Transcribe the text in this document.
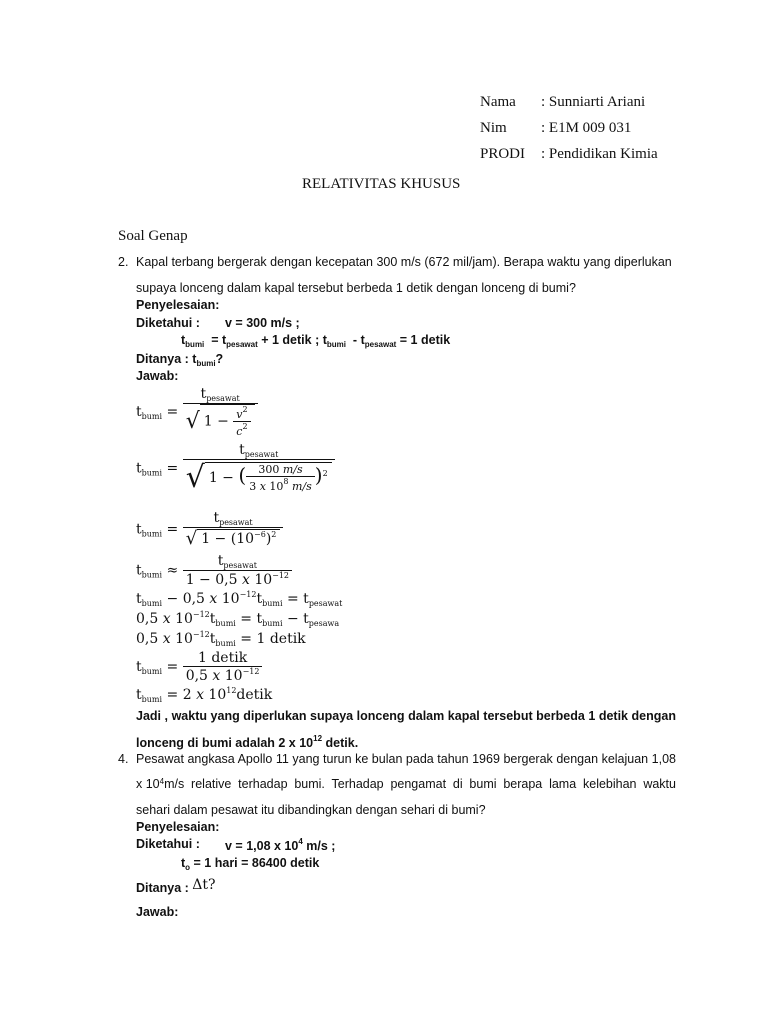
Nama : Sunniarti Ariani
Nim : E1M 009 031
PRODI : Pendidikan Kimia
RELATIVITAS KHUSUS
Soal Genap
2. Kapal terbang bergerak dengan kecepatan 300 m/s (672 mil/jam). Berapa waktu yang diperlukan
supaya lonceng dalam kapal tersebut berbeda 1 detik dengan lonceng di bumi?
Penyelesaian:
Diketahui : v = 300 m/s ;
$t_{bumi} = t_{pesawat} + 1$ detik ; $t_{bumi} - t_{pesawat} = 1$ detik
Ditanya : $t_{bumi}$?
Jawab:
$t_{bumi} = \frac{t_{pesawat}}{√ 1 - \frac{v^2}{c^2}}$
$t_{bumi} = \frac{t_{pesawat}}{√ 1 - ( \frac{300 m/s}{3 x 10^8 m/s} )^2}$
$t_{bumi} = \frac{t_{pesawat}}{√ 1 - (10^{-6})^2}$
$t_{bumi} \approx \frac{t_{pesawat}}{1 - 0,5 x 10^{-12}}$
$t_{bumi} - 0,5$ x $10^{-12}t_{bumi} = t_{pesawat}$
0,5 x $10^{-12}t_{bumi} = t_{bumi} - t_{pesawa}$
0,5 x $10^{-12}t_{bumi} = 1$ detik
$t_{bumi} = \frac{\text{1 detik}}{0,5 x 10^{-12}}$
$t_{bumi} = 2$ x $10^{12}detik$
Jadi , waktu yang diperlukan supaya lonceng dalam kapal tersebut berbeda 1 detik dengan
lonceng di bumi adalah 2 x $10^{12}$ detik.
4. Pesawat angkasa Apollo 11 yang turun ke bulan pada tahun 1969 bergerak dengan kelajuan 1,08
x 10 4 m/s relative terhadap bumi. Terhadap pengamat di bumi berapa lama kelebihan waktu
sehari dalam pesawat itu dibandingkan dengan sehari di bumi?
Penyelesaian:
Diketahui : v = 1,08 x $10^4$ m/s ;
$t_o = 1$ hari = 86400 detik
Ditanya : Δt?
Jawab:
